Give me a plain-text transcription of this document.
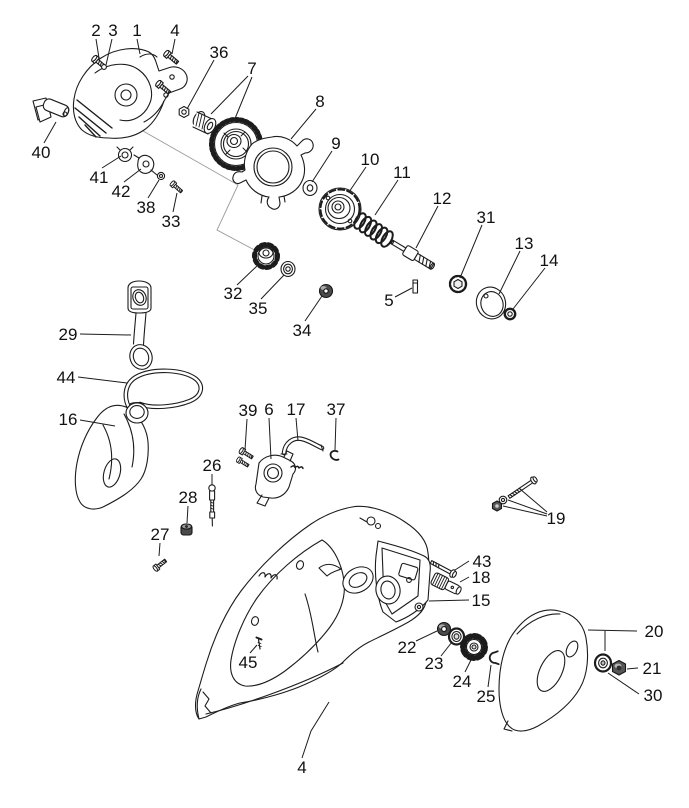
1
2 3	4
36
7
8
9
10
11
12
31
13
14
40
41
42
38
33
32
35
34
5
29
44
16	39 6 17 37
26
28
27
19
43
18
15
22
23
24
25
45
20
21
30
4
